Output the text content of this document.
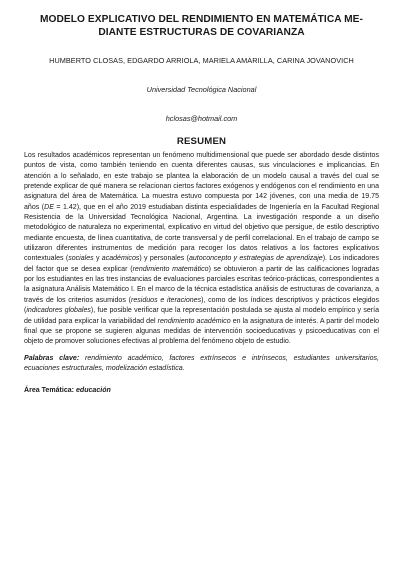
MODELO EXPLICATIVO DEL RENDIMIENTO EN MATEMÁTICA ME-DIANTE ESTRUCTURAS DE COVARIANZA
HUMBERTO CLOSAS, EDGARDO ARRIOLA, MARIELA AMARILLA, CARINA JOVANOVICH
Universidad Tecnológica Nacional
hclosas@hotmail.com
RESUMEN

Los resultados académicos representan un fenómeno multidimensional que puede ser abordado desde distintos puntos de vista, como también teniendo en cuenta diferentes causas, sus vinculaciones e implicancias. En atención a lo señalado, en este trabajo se plantea la elaboración de un modelo causal a través del cual se pretende explicar de qué manera se relacionan ciertos factores exógenos y endógenos con el rendimiento en una asignatura del área de Matemática. La muestra estuvo compuesta por 142 jóvenes, con una media de 19.75 años (DE = 1.42), que en el año 2019 estudiaban distinta especialidades de Ingeniería en la Facultad Regional Resistencia de la Universidad Tecnológica Nacional, Argentina. La investigación responde a un diseño metodológico de naturaleza no experimental, explicativo en virtud del objetivo que persigue, de estilo descriptivo mediante encuesta, de línea cuantitativa, de corte transversal y de perfil correlacional. En el trabajo de campo se utilizaron diferentes instrumentos de medición para recoger los datos relativos a los factores explicativos contextuales (sociales y académicos) y personales (autoconcepto y estrategias de aprendizaje). Los indicadores del factor que se desea explicar (rendimiento matemático) se obtuvieron a partir de las calificaciones logradas por los estudiantes en las tres instancias de evaluaciones parciales escritas teórico-prácticas, correspondientes a la asignatura Análisis Matemático I. En el marco de la técnica estadística análisis de estructuras de covarianza, a través de los criterios asumidos (residuos e iteraciones), como de los índices descriptivos y prácticos elegidos (indicadores globales), fue posible verificar que la representación postulada se ajusta al modelo empírico y sería de utilidad para explicar la variabilidad del rendimiento académico en la asignatura de interés. A partir del modelo final que se propone se sugieren algunas medidas de intervención socioeducativas y psicoeducativas con el objeto de promover soluciones efectivas al problema del fenómeno objeto de estudio.

Palabras clave: rendimiento académico, factores extrínsecos e intrínsecos, estudiantes universitarios, ecuaciones estructurales, modelización estadística.
Área Temática: educación
